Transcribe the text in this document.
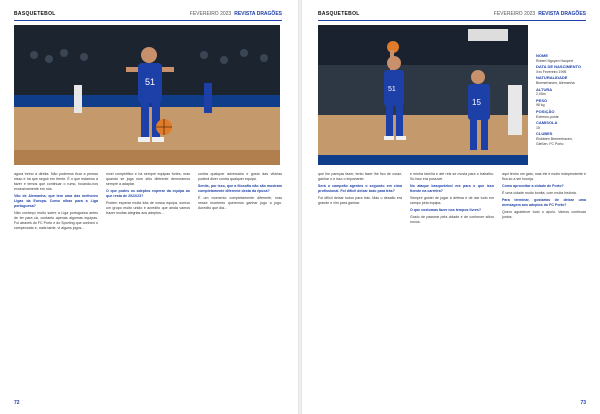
BASQUETEBOL	FEVEREIRO 2023 REVISTA DRAGÕES
51

agora treino à direita. Não podemos ficar a pensar nisso e há que seguir em frente. É o que estamos a fazer e temos que continuar o rumo, focando-nos exclusivamente em nós.

Vão de Alemanha, que tem uma das melhores Ligas da Europa. Como olhas para a Liga portuguesa?

Não conheço muito sobre a Liga portuguesa antes de ter para cá, contanto apenas algumas equipas. Foi através do FC Porto e do Sporting que conheci o campeonato e, mais tarde, vi alguns jogos...

nível competitivo e há sempre equipas fortes, mas quando se joga num sítio diferente demoramos sempre a adaptar.

O que podes os adeptos esperar da equipa ao que resta de 2022/23?

Podem esperar muita luta de nossa equipa, somos um grupo muito unido e acredito que ainda vamos trazer muitas alegrias aos adeptos...

contra qualquer adversário e gosto das vitórias poderá dizer contra qualquer equipa.

Sentis, por isso, que a filosofia não são mostram completamente diferente desta da época?

É um momento completamente diferente, mas nesse momento queremos ganhar jogo a jogo. Acredito que dia...

72
BASQUETEBOL	FEVEREIRO 2023 REVISTA DRAGÕES
51
15
NOME
Robert Nguyen Haupert
DATA DE NASCIMENTO
Xxx Fevereiro 1995
NATURALIDADE
Bremerhaven, Alemanha
ALTURA
2,05m
PESO
98 kg
POSIÇÃO
Extremo-poste
CAMISOLA
15
CLUBES
Eisbären Bremerhaven, Gießen, FC Porto

que lhe pareças fazer, tento fazer lhe fico de coraz, ganhar o e isso o importante.

Será o campeão agentes o segundo em cima profissional. Foi difícil deixar tudo para trás?

Foi difícil deixar todos para trás. Mas o desafio era grande e vim para ganhar.

e minha família e até reis se movia para o trabalho. Só isso era possível.

No ataque basquetebol era para o que isso fizeste na carreira?

Sempre gostei de jogar à defesa e de dar tudo em campo pela equipa.

O que costumas fazer nos tempos livres?

Gosto de passear pela cidade e de conhecer sítios novos.

aqui tenho um gato, mas ele é muito independente e fica só a ser boceja.

Como aproveitar a cidade de Porto?

É uma cidade muito bonita, com muita história.

Para terminar, gostarias de deixar uma mensagem aos adeptos do FC Porto?

Quero agradecer todo o apoio. Vamos continuar juntos.

73
